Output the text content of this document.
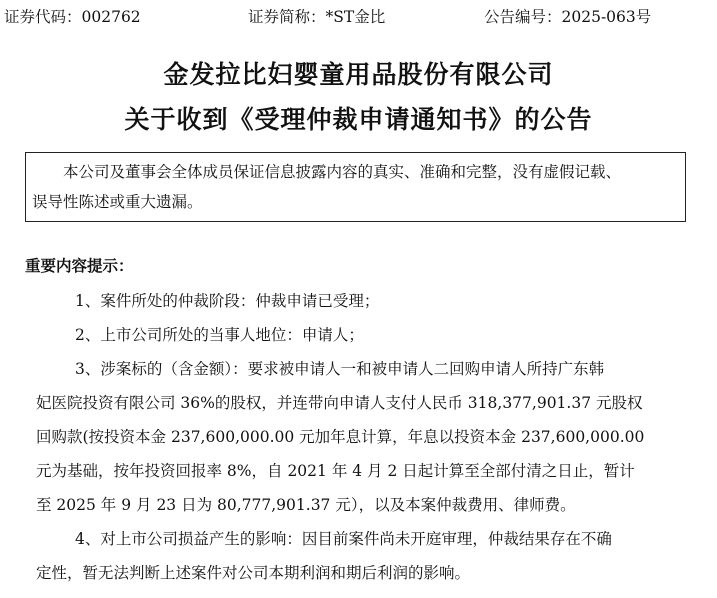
证券代码：002762	证券简称：*ST金比	公告编号：2025-063号
金发拉比妇婴童用品股份有限公司
关于收到《受理仲裁申请通知书》的公告
本公司及董事会全体成员保证信息披露内容的真实、准确和完整，没有虚假记载、
误导性陈述或重大遗漏。
重要内容提示：
1、案件所处的仲裁阶段：仲裁申请已受理；
2、上市公司所处的当事人地位：申请人；
3、涉案标的（含金额）：要求被申请人一和被申请人二回购申请人所持广东韩
妃医院投资有限公司 36%的股权，并连带向申请人支付人民币 318,377,901.37 元股权
回购款(按投资本金 237,600,000.00 元加年息计算，年息以投资本金 237,600,000.00
元为基础，按年投资回报率 8%，自 2021 年 4 月 2 日起计算至全部付清之日止，暂计
至 2025 年 9 月 23 日为 80,777,901.37 元），以及本案仲裁费用、律师费。
4、对上市公司损益产生的影响：因目前案件尚未开庭审理，仲裁结果存在不确
定性，暂无法判断上述案件对公司本期利润和期后利润的影响。
